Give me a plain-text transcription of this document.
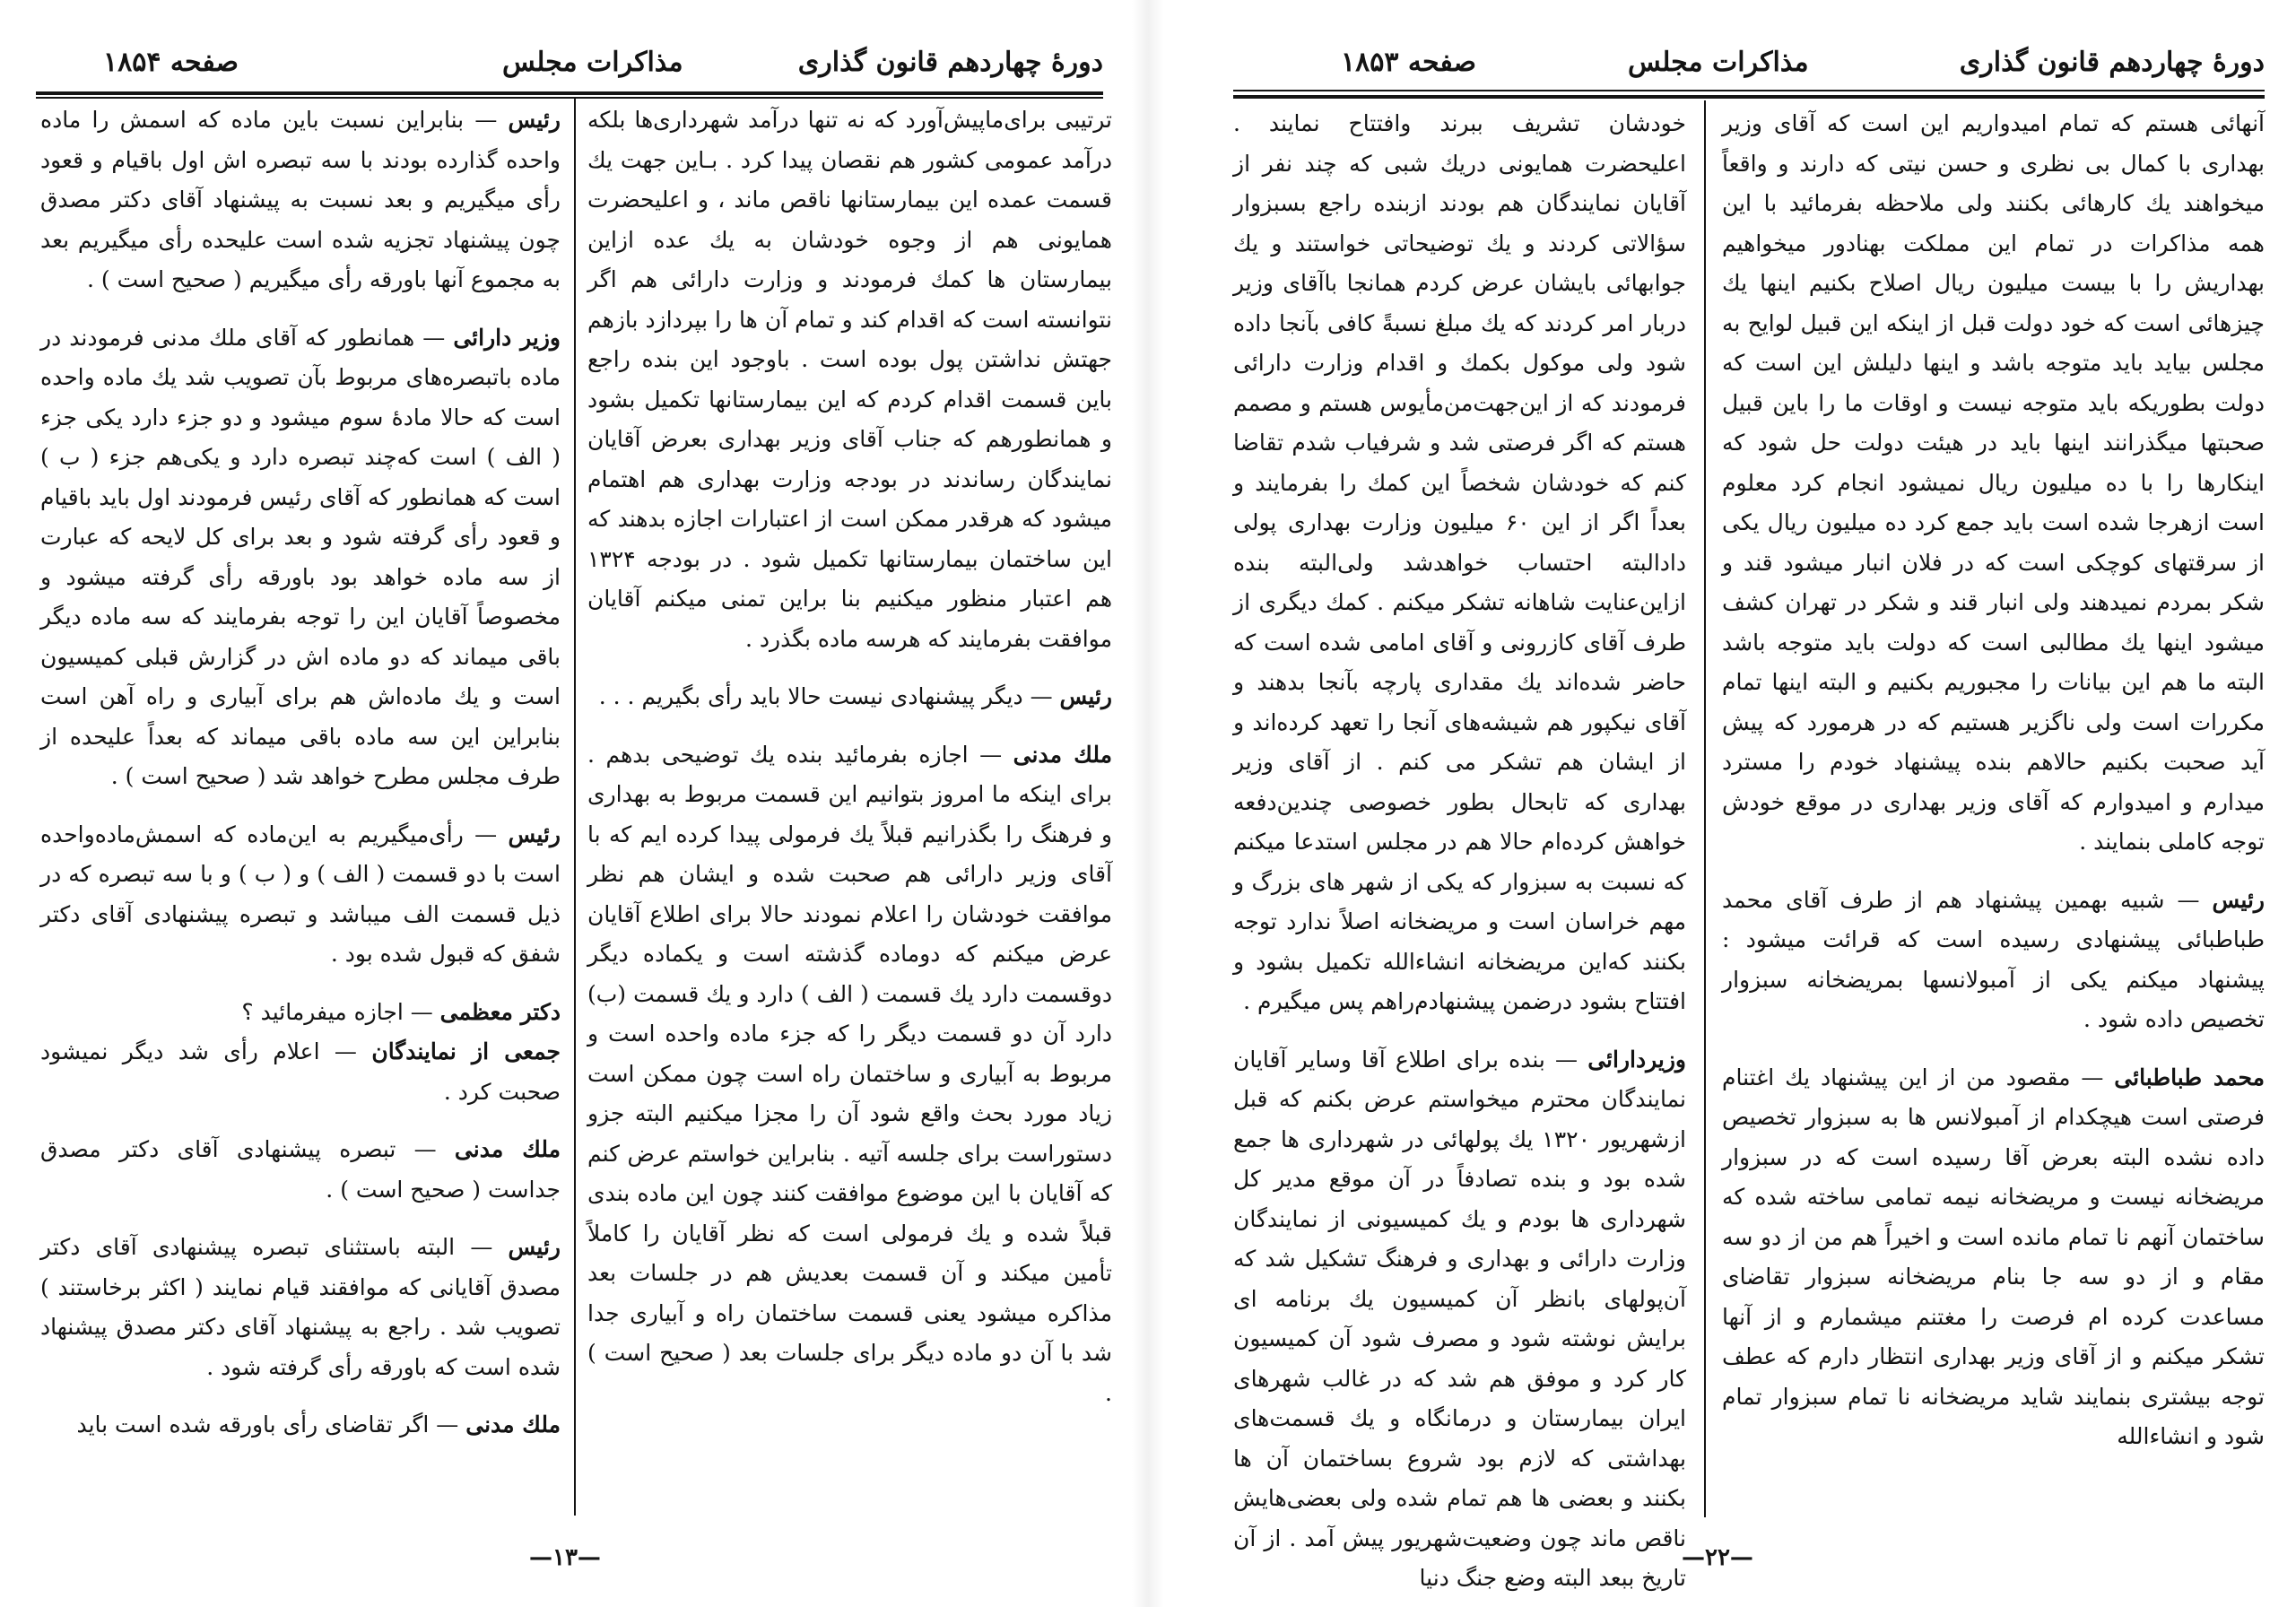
صفحه ۱۸۵۴	مذاکرات مجلس	دورهٔ چهاردهم قانون گذاری

ترتیبی برای‌ماپیش‌آورد که نه تنها درآمد شهرداری‌ها بلکه درآمد عمومی کشور هم نقصان پیدا کرد . بـاین جهت یك قسمت عمده این بیمارستانها ناقص ماند ، و اعلیحضرت همایونی هم از وجوه خودشان به یك عده ازاین بیمارستان ها کمك فرمودند و وزارت دارائی هم اگر نتوانسته است که اقدام کند و تمام آن ها را بپردازد بازهم جهتش نداشتن پول بوده است . باوجود این بنده راجع باین قسمت اقدام کردم که این بیمارستانها تکمیل بشود و همانطورهم که جناب آقای وزیر بهداری بعرض آقایان نمایندگان رساندند در بودجه وزارت بهداری هم اهتمام میشود که هرقدر ممکن است از اعتبارات اجازه بدهند که این ساختمان بیمارستانها تکمیل شود . در بودجه ۱۳۲۴ هم اعتبار منظور میکنیم بنا براین تمنی میکنم آقایان موافقت بفرمایند که هرسه ماده بگذرد .

رئیس — دیگر پیشنهادی نیست حالا باید رأی بگیریم . . .

ملك مدنی — اجازه بفرمائید بنده یك توضیحی بدهم . برای اینکه ما امروز بتوانیم این قسمت مربوط به بهداری و فرهنگ را بگذرانیم قبلاً یك فرمولی پیدا کرده ایم که با آقای وزیر دارائی هم صحبت شده و ایشان هم نظر موافقت خودشان را اعلام نمودند حالا برای اطلاع آقایان عرض میکنم که دوماده گذشته است و یکماده دیگر دوقسمت دارد یك قسمت ( الف ) دارد و یك قسمت (ب) دارد آن دو قسمت دیگر را که جزء ماده واحده است و مربوط به آبیاری و ساختمان راه است چون ممکن است زیاد مورد بحث واقع شود آن را مجزا میکنیم البته جزو دستوراست برای جلسه آتیه . بنابراین خواستم عرض کنم که آقایان با این موضوع موافقت کنند چون این ماده بندی قبلاً شده و یك فرمولی است که نظر آقایان را کاملاً تأمین میکند و آن قسمت بعدیش هم در جلسات بعد مذاکره میشود یعنی قسمت ساختمان راه و آبیاری جدا شد با آن دو ماده دیگر برای جلسات بعد ( صحیح است ) .

رئیس — بنابراین نسبت باین ماده که اسمش را ماده واحده گذارده بودند با سه تبصره اش اول باقیام و قعود رأی میگیریم و بعد نسبت به پیشنهاد آقای دکتر مصدق چون پیشنهاد تجزیه شده است علیحده رأی میگیریم بعد به مجموع آنها باورقه رأی میگیریم ( صحیح است ) .

وزیر دارائی — همانطور که آقای ملك مدنی فرمودند در ماده باتبصره‌های مربوط بآن تصویب شد یك ماده واحده است که حالا مادهٔ سوم میشود و دو جزء دارد یکی جزء ( الف ) است که‌چند تبصره دارد و یکی‌هم جزء ( ب ) است که همانطور که آقای رئیس فرمودند اول باید باقیام و قعود رأی گرفته شود و بعد برای کل لایحه که عبارت از سه ماده خواهد بود باورقه رأی گرفته میشود و مخصوصاً آقایان این را توجه بفرمایند که سه ماده دیگر باقی میماند که دو ماده اش در گزارش قبلی کمیسیون است و یك ماده‌اش هم برای آبیاری و راه آهن است بنابراین این سه ماده باقی میماند که بعداً علیحده از طرف مجلس مطرح خواهد شد ( صحیح است ) .

رئیس — رأی‌میگیریم به این‌ماده که اسمش‌ماده‌واحده است با دو قسمت ( الف ) و ( ب ) و با سه تبصره که در ذیل قسمت الف میباشد و تبصره پیشنهادی آقای دکتر شفق که قبول شده بود .

دکتر معظمی — اجازه میفرمائید ؟

جمعی از نمایندگان — اعلام رأی شد دیگر نمیشود صحبت کرد .

ملك مدنی — تبصره پیشنهادی آقای دکتر مصدق جداست ( صحیح است ) .

رئیس — البته باستثنای تبصره پیشنهادی آقای دکتر مصدق آقایانی که موافقند قیام نمایند ( اکثر برخاستند ) تصویب شد . راجع به پیشنهاد آقای دکتر مصدق پیشنهاد شده است که باورقه رأی گرفته شود .

ملك مدنی — اگر تقاضای رأی باورقه شده است باید

—۱۳—
صفحه ۱۸۵۳	مذاکرات مجلس	دورهٔ چهاردهم قانون گذاری

آنهائی هستم که تمام امیدواریم این است که آقای وزیر بهداری با کمال بی نظری و حسن نیتی که دارند و واقعاً میخواهند یك کارهائی بکنند ولی ملاحظه بفرمائید با این همه مذاکرات در تمام این مملکت بهنادور میخواهیم بهداریش را با بیست میلیون ریال اصلاح بکنیم اینها یك چیزهائی است که خود دولت قبل از اینکه این قبیل لوایح به مجلس بیاید باید متوجه باشد و اینها دلیلش این است که دولت بطوریکه باید متوجه نیست و اوقات ما را باین قبیل صحبتها میگذرانند اینها باید در هیئت دولت حل شود که اینکارها را با ده میلیون ریال نمیشود انجام کرد معلوم است ازهرجا شده است باید جمع کرد ده میلیون ریال یکی از سرقتهای کوچکی است که در فلان انبار میشود قند و شکر بمردم نمیدهند ولی انبار قند و شکر در تهران کشف میشود اینها یك مطالبی است که دولت باید متوجه باشد البته ما هم این بیانات را مجبوریم بکنیم و البته اینها تمام مکررات است ولی ناگزیر هستیم که در هرمورد که پیش آید صحبت بکنیم حالاهم بنده پیشنهاد خودم را مسترد میدارم و امیدوارم که آقای وزیر بهداری در موقع خودش توجه کاملی بنمایند .

رئیس — شبیه بهمین پیشنهاد هم از طرف آقای محمد طباطبائی پیشنهادی رسیده است که قرائت میشود : پیشنهاد میکنم یکی از آمبولانسها بمریضخانه سبزوار تخصیص داده شود .

محمد طباطبائی — مقصود من از این پیشنهاد یك اغتنام فرصتی است هیچکدام از آمبولانس ها به سبزوار تخصیص داده نشده البته بعرض آقا رسیده است که در سبزوار مریضخانه نیست و مریضخانه نیمه تمامی ساخته شده که ساختمان آنهم نا تمام مانده است و اخیراً هم من از دو سه مقام و از دو سه جا بنام مریضخانه سبزوار تقاضای مساعدت کرده ام فرصت را مغتنم میشمارم و از آنها تشکر میکنم و از آقای وزیر بهداری انتظار دارم که عطف توجه بیشتری بنمایند شاید مریضخانه نا تمام سبزوار تمام شود و انشاءالله

خودشان تشریف ببرند وافتتاح نمایند . اعلیحضرت همایونی دریك شبی که چند نفر از آقایان نمایندگان هم بودند ازبنده راجع بسبزوار سؤالاتی کردند و یك توضیحاتی خواستند و یك جوابهائی بایشان عرض کردم همانجا باآقای وزیر دربار امر کردند که یك مبلغ نسبةً کافی بآنجا داده شود ولی موکول بکمك و اقدام وزارت دارائی فرمودند که از این‌جهت‌من‌مأیوس هستم و مصمم هستم که اگر فرصتی شد و شرفیاب شدم تقاضا کنم که خودشان شخصاً این کمك را بفرمایند و بعداً اگر از این ۶۰ میلیون وزارت بهداری پولی دادالبته احتساب خواهدشد ولی‌البته بنده ازاین‌عنایت شاهانه تشکر میکنم . کمك دیگری از طرف آقای کازرونی و آقای امامی شده است که حاضر شده‌اند یك مقداری پارچه بآنجا بدهند و آقای نیکپور هم شیشه‌های آنجا را تعهد کرده‌اند و از ایشان هم تشکر می کنم . از آقای وزیر بهداری که تابحال بطور خصوصی چندین‌دفعه خواهش کرده‌ام حالا هم در مجلس استدعا میکنم که نسبت به سبزوار که یکی از شهر های بزرگ و مهم خراسان است و مریضخانه اصلاً ندارد توجه بکنند که‌این مریضخانه انشاءالله تکمیل بشود و افتتاح بشود درضمن پیشنهادم‌راهم پس میگیرم .

وزیردارائی — بنده برای اطلاع آقا وسایر آقایان نمایندگان محترم میخواستم عرض بکنم که قبل ازشهریور ۱۳۲۰ یك پولهائی در شهرداری ها جمع شده بود و بنده تصادفاً در آن موقع مدیر کل شهرداری ها بودم و یك کمیسیونی از نمایندگان وزارت دارائی و بهداری و فرهنگ تشکیل شد که آن‌پولهای بانظر آن کمیسیون یك برنامه ای برایش نوشته شود و مصرف شود آن کمیسیون کار کرد و موفق هم شد که در غالب شهرهای ایران بیمارستان و درمانگاه و یك قسمت‌های بهداشتی که لازم بود شروع بساختمان آن ها بکنند و بعضی ها هم تمام شده ولی بعضی‌هایش ناقص ماند چون وضعیت‌شهریور پیش آمد . از آن تاریخ ببعد البته وضع جنگ دنیا

—۲۲—
